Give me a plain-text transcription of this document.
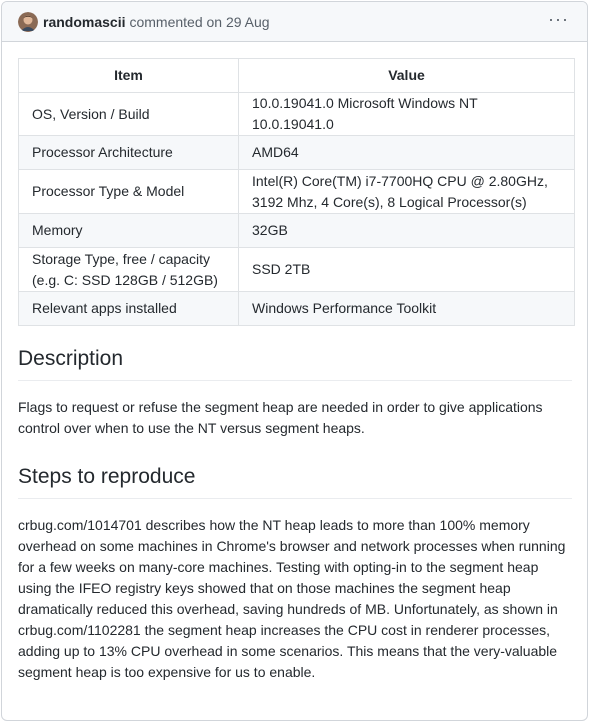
randomascii commented on 29 Aug	···
Item	Value
OS, Version / Build	10.0.19041.0 Microsoft Windows NT 10.0.19041.0
Processor Architecture	AMD64
Processor Type & Model	Intel(R) Core(TM) i7-7700HQ CPU @ 2.80GHz, 3192 Mhz, 4 Core(s), 8 Logical Processor(s)
Memory	32GB
Storage Type, free / capacity (e.g. C: SSD 128GB / 512GB)	SSD 2TB
Relevant apps installed	Windows Performance Toolkit
Description

Flags to request or refuse the segment heap are needed in order to give applications control over when to use the NT versus segment heaps.

Steps to reproduce

crbug.com/1014701 describes how the NT heap leads to more than 100% memory overhead on some machines in Chrome's browser and network processes when running for a few weeks on many-core machines. Testing with opting-in to the segment heap using the IFEO registry keys showed that on those machines the segment heap dramatically reduced this overhead, saving hundreds of MB. Unfortunately, as shown in crbug.com/1102281 the segment heap increases the CPU cost in renderer processes, adding up to 13% CPU overhead in some scenarios. This means that the very-valuable segment heap is too expensive for us to enable.
